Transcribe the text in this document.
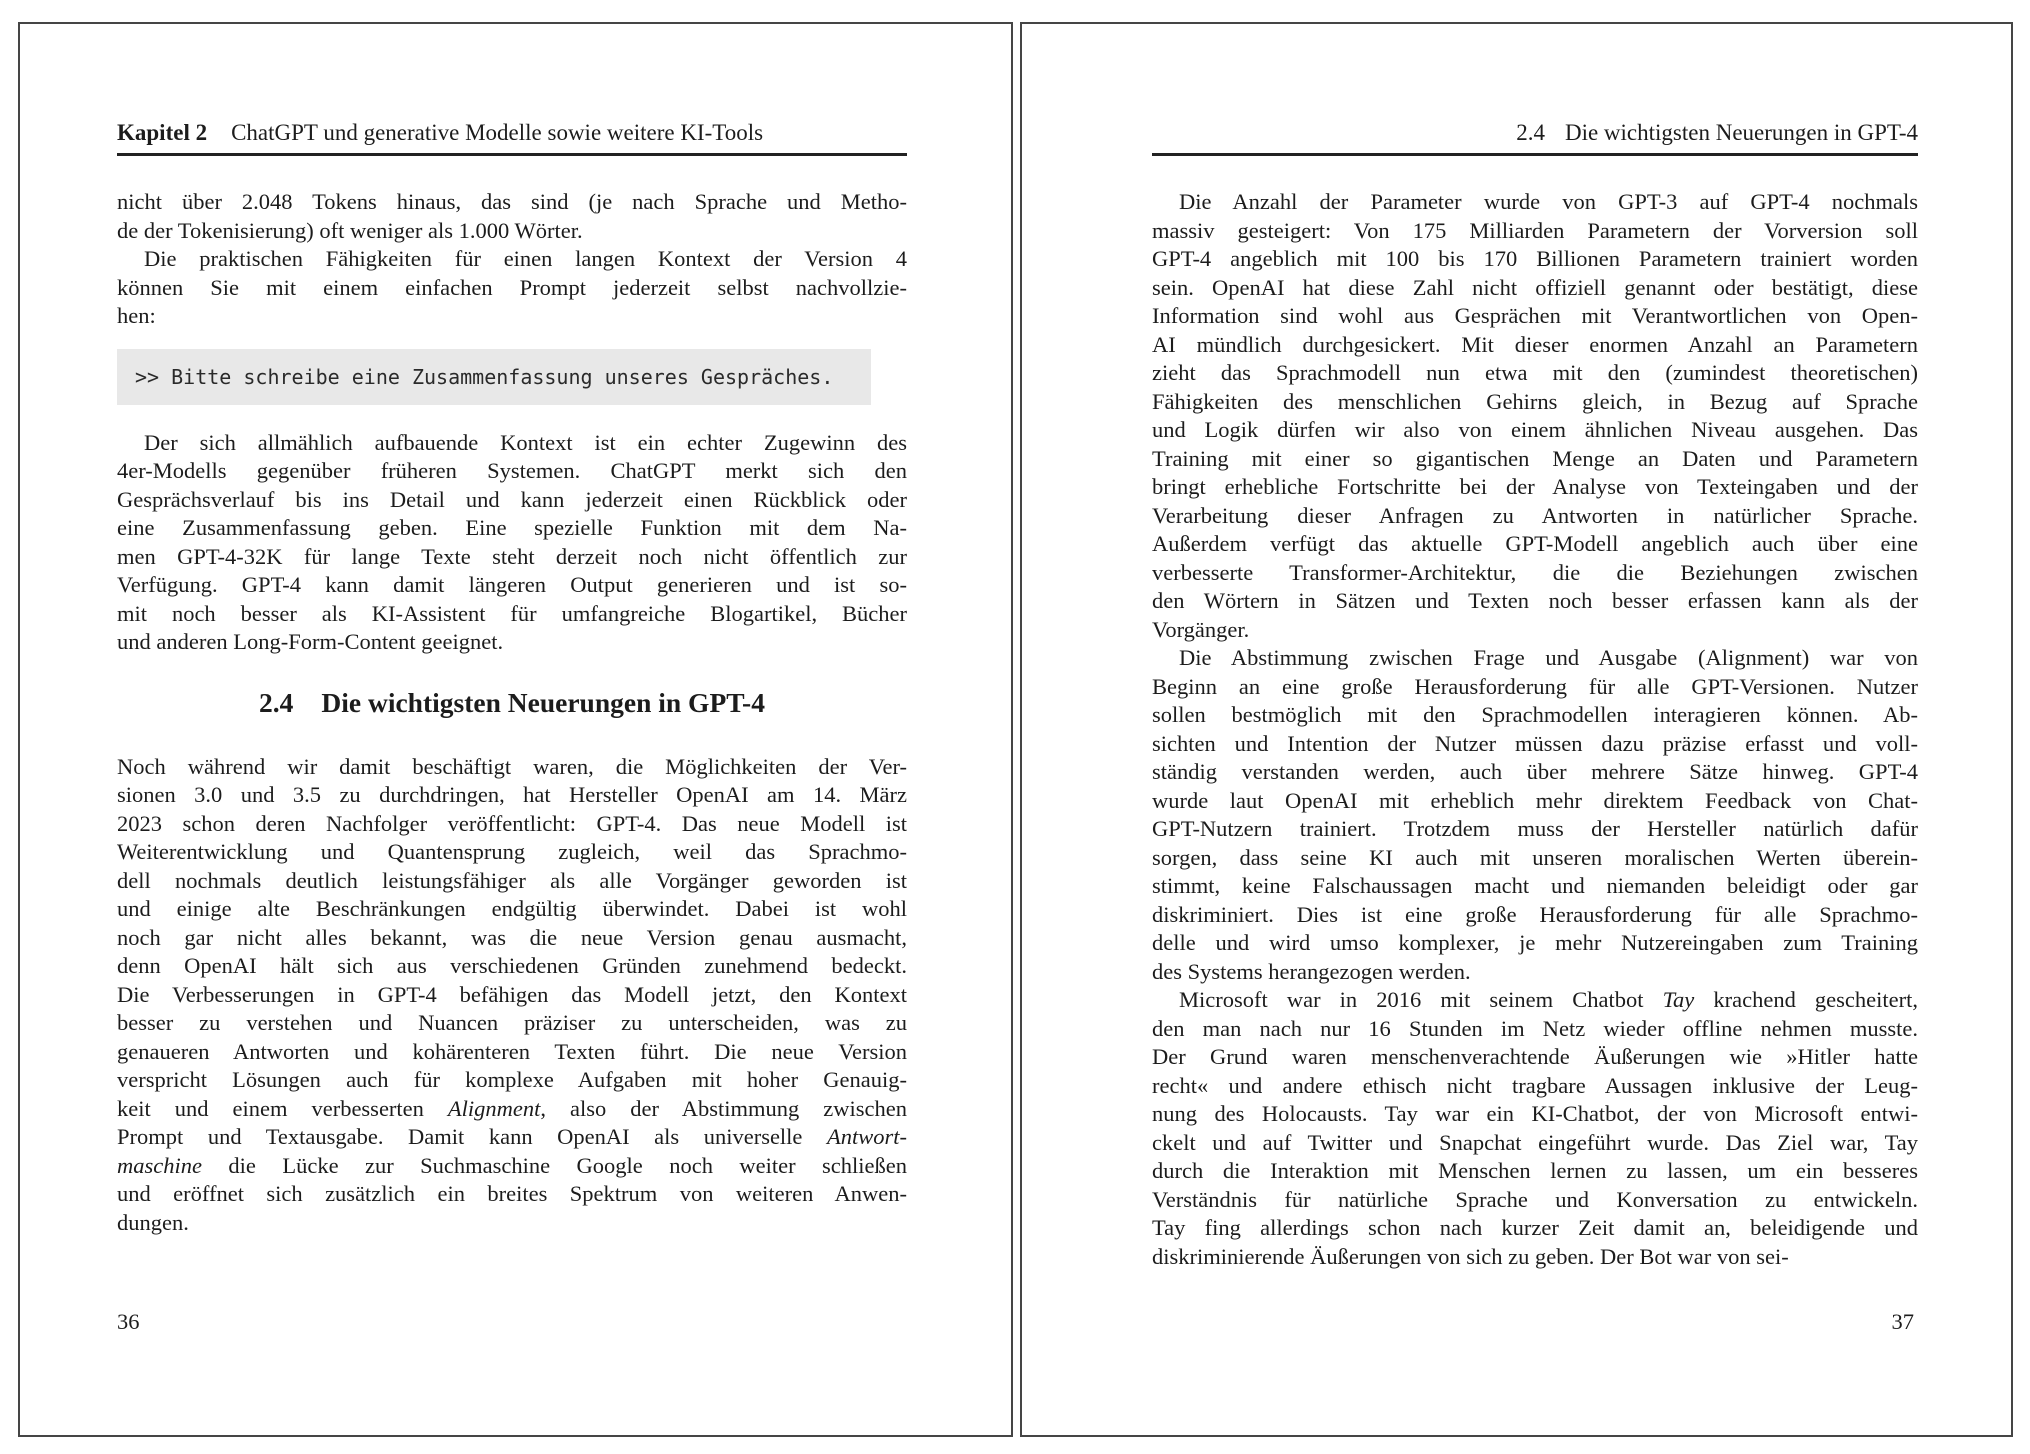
Kapitel 2 ChatGPT und generative Modelle sowie weitere KI-Tools
nicht über 2.048 Tokens hinaus, das sind (je nach Sprache und Metho-
de der Tokenisierung) oft weniger als 1.000 Wörter.
Die praktischen Fähigkeiten für einen langen Kontext der Version 4
können Sie mit einem einfachen Prompt jederzeit selbst nachvollzie-
hen:
>> Bitte schreibe eine Zusammenfassung unseres Gespräches.
Der sich allmählich aufbauende Kontext ist ein echter Zugewinn des
4er-Modells gegenüber früheren Systemen. ChatGPT merkt sich den
Gesprächsverlauf bis ins Detail und kann jederzeit einen Rückblick oder
eine Zusammenfassung geben. Eine spezielle Funktion mit dem Na-
men GPT-4-32K für lange Texte steht derzeit noch nicht öffentlich zur
Verfügung. GPT-4 kann damit längeren Output generieren und ist so-
mit noch besser als KI-Assistent für umfangreiche Blogartikel, Bücher
und anderen Long-Form-Content geeignet.
2.4 Die wichtigsten Neuerungen in GPT-4
Noch während wir damit beschäftigt waren, die Möglichkeiten der Ver-
sionen 3.0 und 3.5 zu durchdringen, hat Hersteller OpenAI am 14. März
2023 schon deren Nachfolger veröffentlicht: GPT-4. Das neue Modell ist
Weiterentwicklung und Quantensprung zugleich, weil das Sprachmo-
dell nochmals deutlich leistungsfähiger als alle Vorgänger geworden ist
und einige alte Beschränkungen endgültig überwindet. Dabei ist wohl
noch gar nicht alles bekannt, was die neue Version genau ausmacht,
denn OpenAI hält sich aus verschiedenen Gründen zunehmend bedeckt.
Die Verbesserungen in GPT-4 befähigen das Modell jetzt, den Kontext
besser zu verstehen und Nuancen präziser zu unterscheiden, was zu
genaueren Antworten und kohärenteren Texten führt. Die neue Version
verspricht Lösungen auch für komplexe Aufgaben mit hoher Genauig-
keit und einem verbesserten Alignment, also der Abstimmung zwischen
Prompt und Textausgabe. Damit kann OpenAI als universelle Antwort-
maschine die Lücke zur Suchmaschine Google noch weiter schließen
und eröffnet sich zusätzlich ein breites Spektrum von weiteren Anwen-
dungen.
36
2.4 Die wichtigsten Neuerungen in GPT-4
Die Anzahl der Parameter wurde von GPT-3 auf GPT-4 nochmals
massiv gesteigert: Von 175 Milliarden Parametern der Vorversion soll
GPT-4 angeblich mit 100 bis 170 Billionen Parametern trainiert worden
sein. OpenAI hat diese Zahl nicht offiziell genannt oder bestätigt, diese
Information sind wohl aus Gesprächen mit Verantwortlichen von Open-
AI mündlich durchgesickert. Mit dieser enormen Anzahl an Parametern
zieht das Sprachmodell nun etwa mit den (zumindest theoretischen)
Fähigkeiten des menschlichen Gehirns gleich, in Bezug auf Sprache
und Logik dürfen wir also von einem ähnlichen Niveau ausgehen. Das
Training mit einer so gigantischen Menge an Daten und Parametern
bringt erhebliche Fortschritte bei der Analyse von Texteingaben und der
Verarbeitung dieser Anfragen zu Antworten in natürlicher Sprache.
Außerdem verfügt das aktuelle GPT-Modell angeblich auch über eine
verbesserte Transformer-Architektur, die die Beziehungen zwischen
den Wörtern in Sätzen und Texten noch besser erfassen kann als der
Vorgänger.
Die Abstimmung zwischen Frage und Ausgabe (Alignment) war von
Beginn an eine große Herausforderung für alle GPT-Versionen. Nutzer
sollen bestmöglich mit den Sprachmodellen interagieren können. Ab-
sichten und Intention der Nutzer müssen dazu präzise erfasst und voll-
ständig verstanden werden, auch über mehrere Sätze hinweg. GPT-4
wurde laut OpenAI mit erheblich mehr direktem Feedback von Chat-
GPT-Nutzern trainiert. Trotzdem muss der Hersteller natürlich dafür
sorgen, dass seine KI auch mit unseren moralischen Werten überein-
stimmt, keine Falschaussagen macht und niemanden beleidigt oder gar
diskriminiert. Dies ist eine große Herausforderung für alle Sprachmo-
delle und wird umso komplexer, je mehr Nutzereingaben zum Training
des Systems herangezogen werden.
Microsoft war in 2016 mit seinem Chatbot Tay krachend gescheitert,
den man nach nur 16 Stunden im Netz wieder offline nehmen musste.
Der Grund waren menschenverachtende Äußerungen wie »Hitler hatte
recht« und andere ethisch nicht tragbare Aussagen inklusive der Leug-
nung des Holocausts. Tay war ein KI-Chatbot, der von Microsoft entwi-
ckelt und auf Twitter und Snapchat eingeführt wurde. Das Ziel war, Tay
durch die Interaktion mit Menschen lernen zu lassen, um ein besseres
Verständnis für natürliche Sprache und Konversation zu entwickeln.
Tay fing allerdings schon nach kurzer Zeit damit an, beleidigende und
diskriminierende Äußerungen von sich zu geben. Der Bot war von sei-
37
